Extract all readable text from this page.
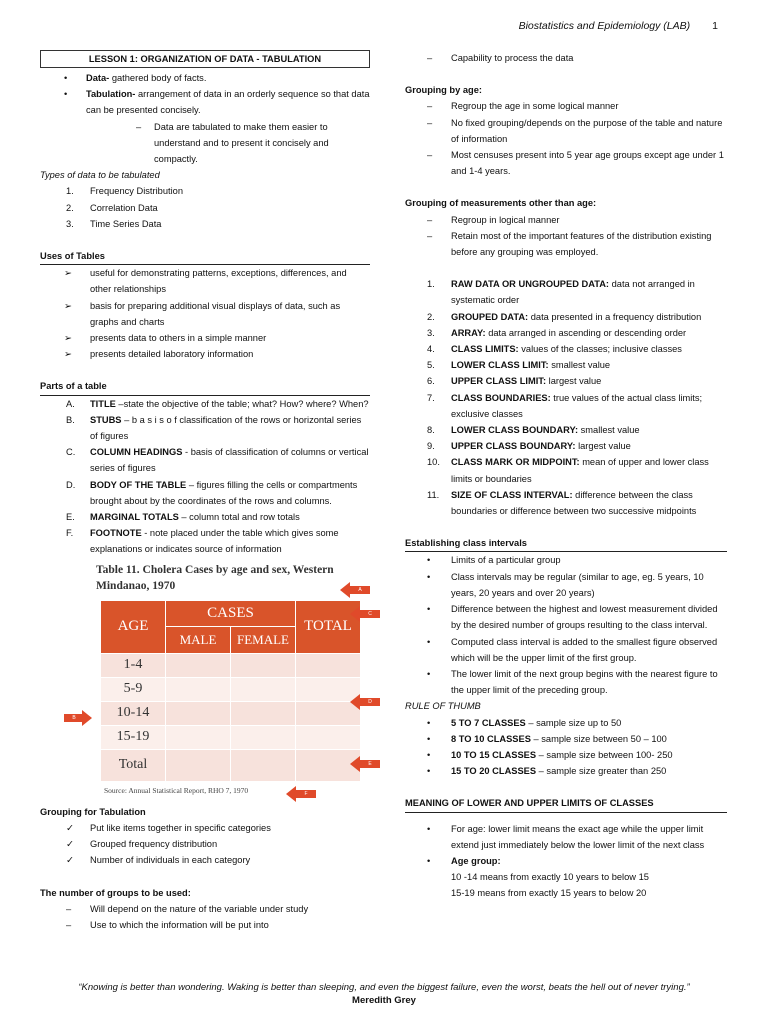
Biostatistics and Epidemiology (LAB) 1
LESSON 1: ORGANIZATION OF DATA - TABULATION
•	Data- gathered body of facts.
•	Tabulation- arrangement of data in an orderly sequence so that data can be presented concisely.
–	Data are tabulated to make them easier to understand and to present it concisely and compactly.
Types of data to be tabulated
1.	Frequency Distribution
2.	Correlation Data
3.	Time Series Data
Uses of Tables
➢	useful for demonstrating patterns, exceptions, differences, and other relationships
➢	basis for preparing additional visual displays of data, such as graphs and charts
➢	presents data to others in a simple manner
➢	presents detailed laboratory information
Parts of a table
A.	TITLE –state the objective of the table; what? How? where? When?
B.	STUBS – b a s i s o f classification of the rows or horizontal series of figures
C.	COLUMN HEADINGS - basis of classification of columns or vertical series of figures
D.	BODY OF THE TABLE – figures filling the cells or compartments brought about by the coordinates of the rows and columns.
E.	MARGINAL TOTALS – column total and row totals
F.	FOOTNOTE - note placed under the table which gives some explanations or indicates source of information
Table 11. Cholera Cases by age and sex, Western Mindanao, 1970
AGE	CASES		TOTAL
	MALE	FEMALE	
1-4			
5-9			
10-14			
15-19			
Total			
Source: Annual Statistical Report, RHO 7, 1970
A
B
C
D
E
F
Grouping for Tabulation
✓	Put like items together in specific categories
✓	Grouped frequency distribution
✓	Number of individuals in each category
The number of groups to be used:
–	Will depend on the nature of the variable under study
–	Use to which the information will be put into
–	Capability to process the data
Grouping by age:
–	Regroup the age in some logical manner
–	No fixed grouping/depends on the purpose of the table and nature of information
–	Most censuses present into 5 year age groups except age under 1 and 1-4 years.
Grouping of measurements other than age:
–	Regroup in logical manner
–	Retain most of the important features of the distribution existing before any grouping was employed.
1.	RAW DATA OR UNGROUPED DATA: data not arranged in systematic order
2.	GROUPED DATA: data presented in a frequency distribution
3.	ARRAY: data arranged in ascending or descending order
4.	CLASS LIMITS: values of the classes; inclusive classes
5.	LOWER CLASS LIMIT: smallest value
6.	UPPER CLASS LIMIT: largest value
7.	CLASS BOUNDARIES: true values of the actual class limits; exclusive classes
8.	LOWER CLASS BOUNDARY: smallest value
9.	UPPER CLASS BOUNDARY: largest value
10.	CLASS MARK OR MIDPOINT: mean of upper and lower class limits or boundaries
11.	SIZE OF CLASS INTERVAL: difference between the class boundaries or difference between two successive midpoints
Establishing class intervals
•	Limits of a particular group
•	Class intervals may be regular (similar to age, eg. 5 years, 10 years, 20 years and over 20 years)
•	Difference between the highest and lowest measurement divided by the desired number of groups resulting to the class interval.
•	Computed class interval is added to the smallest figure observed which will be the upper limit of the first group.
•	The lower limit of the next group begins with the nearest figure to the upper limit of the preceding group.
RULE OF THUMB
•	5 TO 7 CLASSES – sample size up to 50
•	8 TO 10 CLASSES – sample size between 50 – 100
•	10 TO 15 CLASSES – sample size between 100- 250
•	15 TO 20 CLASSES – sample size greater than 250
MEANING OF LOWER AND UPPER LIMITS OF CLASSES
•	For age: lower limit means the exact age while the upper limit extend just immediately below the lower limit of the next class
•	Age group:
10 -14 means from exactly 10 years to below 15
15-19 means from exactly 15 years to below 20
“Knowing is better than wondering. Waking is better than sleeping, and even the biggest failure, even the worst, beats the hell out of never trying.”
Meredith Grey
